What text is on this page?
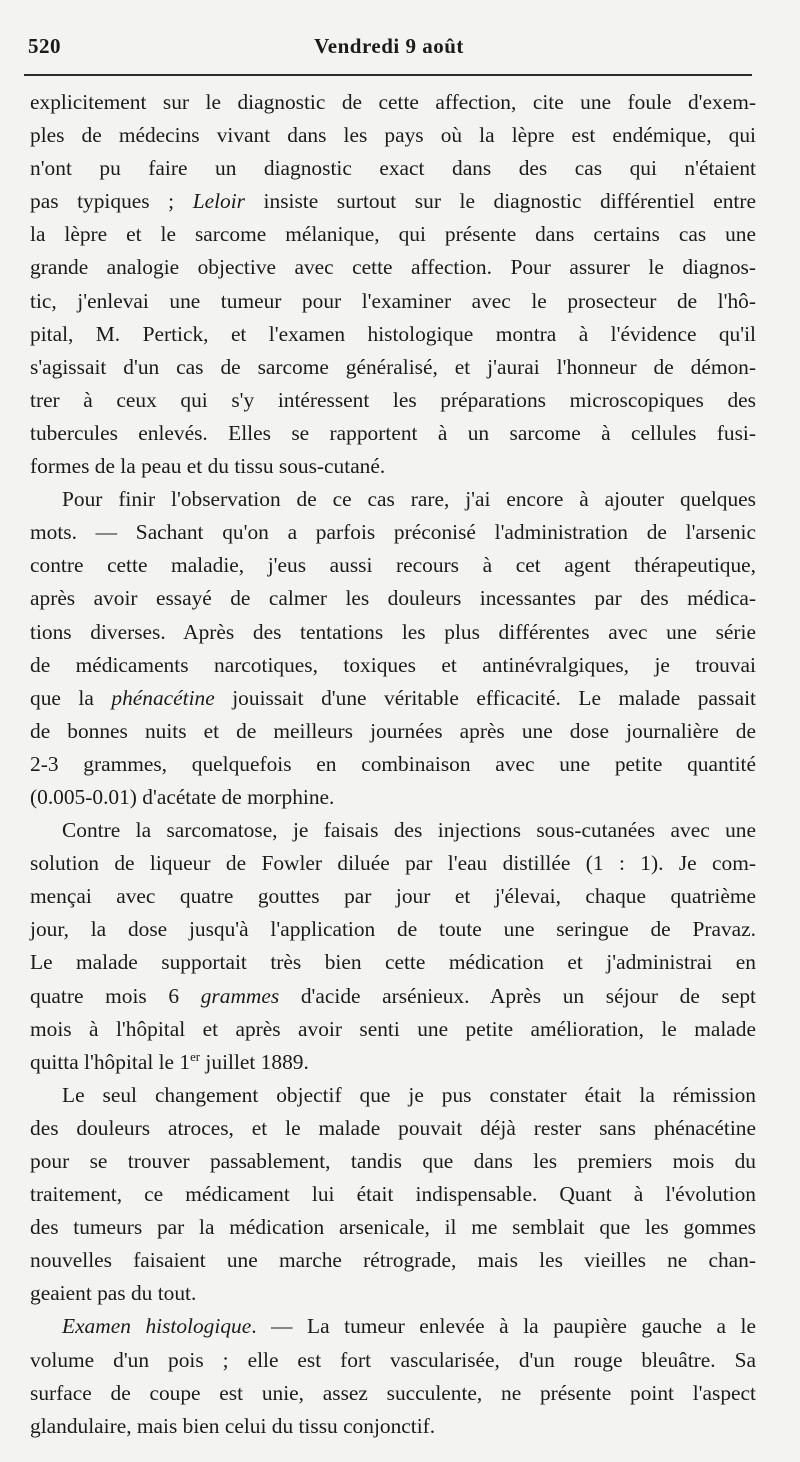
520	Vendredi 9 août
explicitement sur le diagnostic de cette affection, cite une foule d'exem-
ples de médecins vivant dans les pays où la lèpre est endémique, qui
n'ont pu faire un diagnostic exact dans des cas qui n'étaient
pas typiques ; Leloir insiste surtout sur le diagnostic différentiel entre
la lèpre et le sarcome mélanique, qui présente dans certains cas une
grande analogie objective avec cette affection. Pour assurer le diagnos-
tic, j'enlevai une tumeur pour l'examiner avec le prosecteur de l'hô-
pital, M. Pertick, et l'examen histologique montra à l'évidence qu'il
s'agissait d'un cas de sarcome généralisé, et j'aurai l'honneur de démon-
trer à ceux qui s'y intéressent les préparations microscopiques des
tubercules enlevés. Elles se rapportent à un sarcome à cellules fusi-
formes de la peau et du tissu sous-cutané.
Pour finir l'observation de ce cas rare, j'ai encore à ajouter quelques
mots. — Sachant qu'on a parfois préconisé l'administration de l'arsenic
contre cette maladie, j'eus aussi recours à cet agent thérapeutique,
après avoir essayé de calmer les douleurs incessantes par des médica-
tions diverses. Après des tentations les plus différentes avec une série
de médicaments narcotiques, toxiques et antinévralgiques, je trouvai
que la phénacétine jouissait d'une véritable efficacité. Le malade passait
de bonnes nuits et de meilleurs journées après une dose journalière de
2-3 grammes, quelquefois en combinaison avec une petite quantité
(0.005-0.01) d'acétate de morphine.
Contre la sarcomatose, je faisais des injections sous-cutanées avec une
solution de liqueur de Fowler diluée par l'eau distillée (1 : 1). Je com-
mençai avec quatre gouttes par jour et j'élevai, chaque quatrième
jour, la dose jusqu'à l'application de toute une seringue de Pravaz.
Le malade supportait très bien cette médication et j'administrai en
quatre mois 6 grammes d'acide arsénieux. Après un séjour de sept
mois à l'hôpital et après avoir senti une petite amélioration, le malade
quitta l'hôpital le 1er juillet 1889.
Le seul changement objectif que je pus constater était la rémission
des douleurs atroces, et le malade pouvait déjà rester sans phénacétine
pour se trouver passablement, tandis que dans les premiers mois du
traitement, ce médicament lui était indispensable. Quant à l'évolution
des tumeurs par la médication arsenicale, il me semblait que les gommes
nouvelles faisaient une marche rétrograde, mais les vieilles ne chan-
geaient pas du tout.
Examen histologique. — La tumeur enlevée à la paupière gauche a le
volume d'un pois ; elle est fort vascularisée, d'un rouge bleuâtre. Sa
surface de coupe est unie, assez succulente, ne présente point l'aspect
glandulaire, mais bien celui du tissu conjonctif.
